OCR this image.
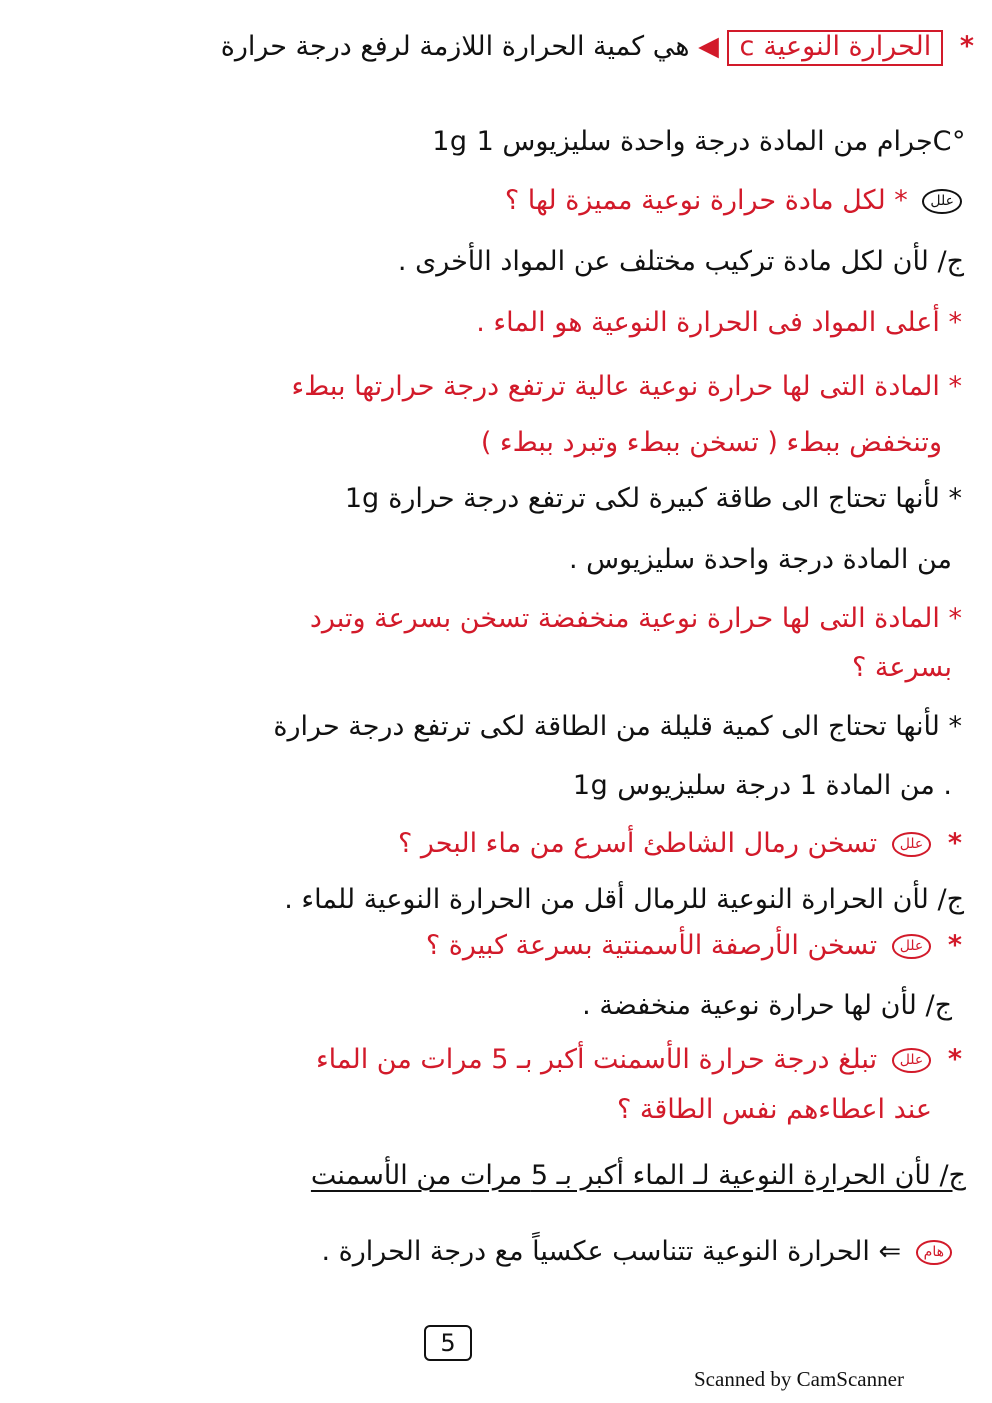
* الحرارة النوعية c ◀ هي كمية الحرارة اللازمة لرفع درجة حرارة
1g جرام من المادة درجة واحدة سليزيوس 1C°
علل * لكل مادة حرارة نوعية مميزة لها ؟
ج/ لأن لكل مادة تركيب مختلف عن المواد الأخرى .
* أعلى المواد فى الحرارة النوعية هو الماء .
* المادة التى لها حرارة نوعية عالية ترتفع درجة حرارتها ببطء
وتنخفض ببطء ( تسخن ببطء وتبرد ببطء )
* لأنها تحتاج الى طاقة كبيرة لكى ترتفع درجة حرارة 1g
من المادة درجة واحدة سليزيوس .
* المادة التى لها حرارة نوعية منخفضة تسخن بسرعة وتبرد
بسرعة ؟
* لأنها تحتاج الى كمية قليلة من الطاقة لكى ترتفع درجة حرارة
1g من المادة 1 درجة سليزيوس .
* علل تسخن رمال الشاطئ أسرع من ماء البحر ؟
ج/ لأن الحرارة النوعية للرمال أقل من الحرارة النوعية للماء .
* علل تسخن الأرصفة الأسمنتية بسرعة كبيرة ؟
ج/ لأن لها حرارة نوعية منخفضة .
* علل تبلغ درجة حرارة الأسمنت أكبر بـ 5 مرات من الماء
عند اعطاءهم نفس الطاقة ؟
ج/ لأن الحرارة النوعية لـ الماء أكبر بـ 5 مرات من الأسمنت
هام ⇐ الحرارة النوعية تتناسب عكسياً مع درجة الحرارة .
5
Scanned by CamScanner
